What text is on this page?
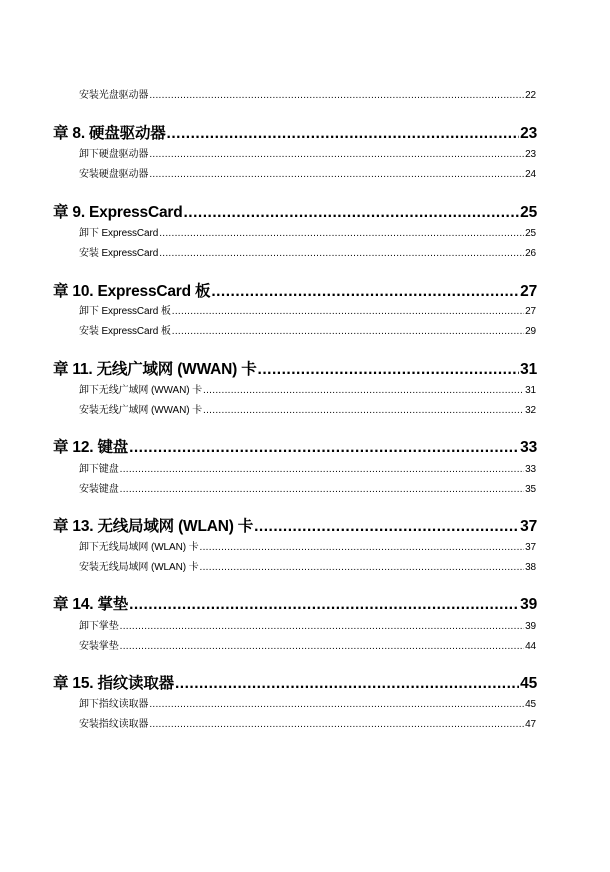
安装光盘驱动器 .....	22
章 8. 硬盘驱动器 .....	23
卸下硬盘驱动器 .....	23
安装硬盘驱动器 .....	24
章 9. ExpressCard .....	25
卸下 ExpressCard .....	25
安装 ExpressCard .....	26
章 10. ExpressCard 板 .....	27
卸下 ExpressCard 板 .....	27
安装 ExpressCard 板 .....	29
章 11. 无线广域网 (WWAN) 卡 .....	31
卸下无线广域网 (WWAN) 卡 .....	31
安装无线广域网 (WWAN) 卡 .....	32
章 12. 键盘 .....	33
卸下键盘 .....	33
安装键盘 .....	35
章 13. 无线局域网 (WLAN) 卡 .....	37
卸下无线局域网 (WLAN) 卡 .....	37
安装无线局域网 (WLAN) 卡 .....	38
章 14. 掌垫 .....	39
卸下掌垫 .....	39
安装掌垫 .....	44
章 15. 指纹读取器 .....	45
卸下指纹读取器 .....	45
安装指纹读取器 .....	47
